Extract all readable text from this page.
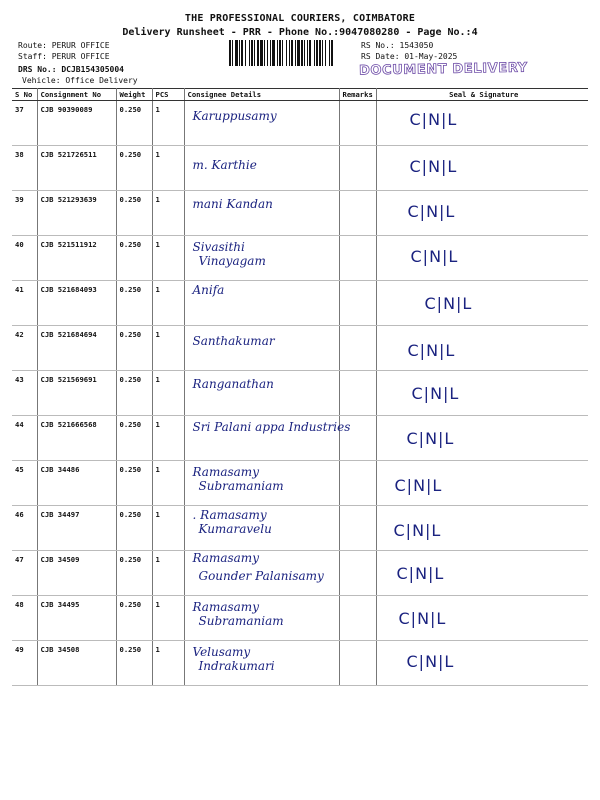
THE PROFESSIONAL COURIERS, COIMBATORE
Delivery Runsheet - PRR - Phone No.:9047080280 - Page No.:4
Route: PERUR OFFICE
Staff: PERUR OFFICE
DRS No.: DCJB154305004
Vehicle: Office Delivery
RS No.: 1543050
RS Date: 01-May-2025
DOCUMENT DELIVERY
S No	Consignment No	Weight	PCS	Consignee Details	Remarks	Seal & Signature
37	CJB 90390089	0.250	1	Karuppusamy		C|N|L

38	CJB 521726511	0.250	1	m. Karthie		C|N|L

39	CJB 521293639	0.250	1	mani Kandan		C|N|L

40	CJB 521511912	0.250	1	Sivasithi
Vinayagam		C|N|L

41	CJB 521684093	0.250	1	Anifa		C|N|L

42	CJB 521684694	0.250	1	Santhakumar		C|N|L

43	CJB 521569691	0.250	1	Ranganathan		C|N|L

44	CJB 521666568	0.250	1	Sri Palani appa Industries		C|N|L

45	CJB 34486	0.250	1	Ramasamy
Subramaniam		C|N|L

46	CJB 34497	0.250	1	. Ramasamy
Kumaravelu		C|N|L

47	CJB 34509	0.250	1	Ramasamy
Gounder Palanisamy		C|N|L

48	CJB 34495	0.250	1	Ramasamy
Subramaniam		C|N|L

49	CJB 34508	0.250	1	Velusamy
Indrakumari		C|N|L
